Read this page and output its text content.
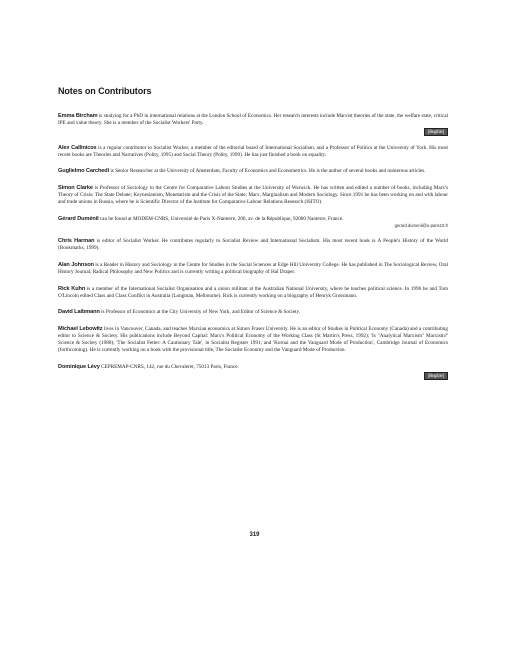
Notes on Contributors

Emma Bircham is studying for a PhD in international relations at the London School of Economics. Her research interests include Marxist theories of the state, the welfare state, critical IPE and value theory. She is a member of the Socialist Workers' Party.

[illegible]

Alex Callinicos is a regular contributor to Socialist Worker, a member of the editorial board of International Socialism, and a Professor of Politics at the University of York. His most recent books are Theories and Narratives (Polity, 1995) and Social Theory (Polity, 1999). He has just finished a book on equality.

Guglielmo Carchedi is Senior Researcher at the University of Amsterdam, Faculty of Economics and Econometrics. He is the author of several books and numerous articles.

Simon Clarke is Professor of Sociology in the Centre for Comparative Labour Studies at the University of Warwick. He has written and edited a number of books, including Marx's Theory of Crisis; The State Debate; Keynesianism, Monetarism and the Crisis of the State; Marx, Marginalism and Modern Sociology. Since 1991 he has been working on and with labour and trade unions in Russia, where he is Scientific Director of the Institute for Comparative Labour Relations Research (ISITO).

Gérard Duménil can be found at MODEM-CNRS, Université de Paris X-Nanterre, 200, av. de la République, 92000 Nanterre, France.

gerard.dumenil@u-paris10.fr

Chris Harman is editor of Socialist Worker. He contributes regularly to Socialist Review and International Socialism. His most recent book is A People's History of the World (Bookmarks, 1999).

Alan Johnson is a Reader in History and Sociology in the Centre for Studies in the Social Sciences at Edge Hill University College. He has published in The Sociological Review, Oral History Journal, Radical Philosophy and New Politics and is currently writing a political biography of Hal Draper.

Rick Kuhn is a member of the International Socialist Organisation and a union militant at the Australian National University, where he teaches political science. In 1996 he and Tom O'Lincoln edited Class and Class Conflict in Australia (Longman, Melbourne). Rick is currently working on a biography of Henryk Grossmann.

David Laibmann is Professor of Economics at the City University of New York, and Editor of Science & Society.

Michael Lebowitz lives in Vancouver, Canada, and teaches Marxian economics at Simon Fraser University. He is an editor of Studies in Political Economy (Canada) and a contributing editor to Science & Society. His publications include Beyond Capital: Marx's Political Economy of the Working Class (St Martin's Press, 1992); 'Is "Analytical Marxism" Marxism?' Science & Society (1988); 'The Socialist Fetter: A Cautionary Tale', in Socialist Register 1991; and 'Kornai and the Vanguard Mode of Production', Cambridge Journal of Economics (forthcoming). He is currently working on a book with the provisional title, The Socialist Economy and the Vanguard Mode of Production.

Dominique Lévy CEPREMAP-CNRS, 142, rue du Chevaleret, 75013 Paris, France.

[illegible]
319
